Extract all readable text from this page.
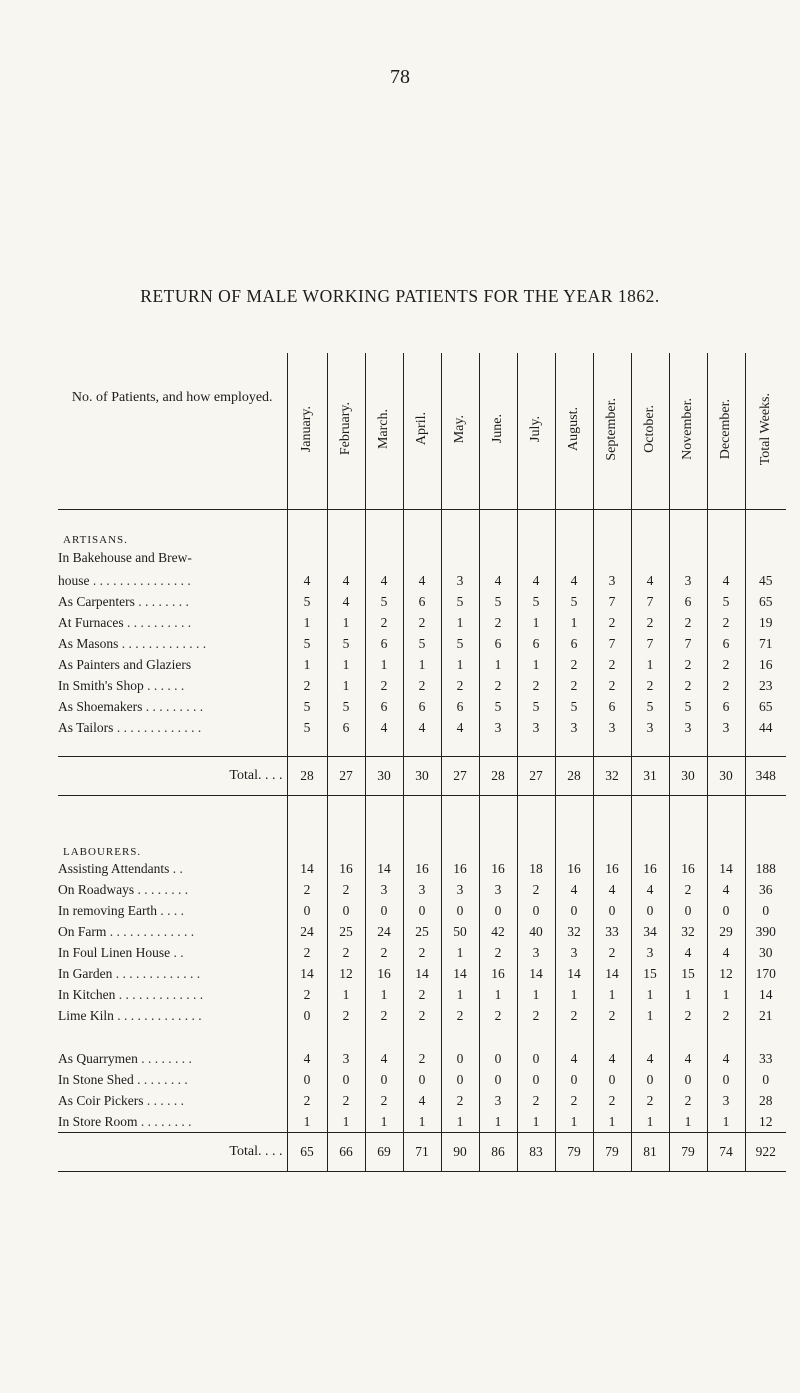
78
RETURN OF MALE WORKING PATIENTS FOR THE YEAR 1862.
No. of Patients, and how employed.	January.	February.	March.	April.	May.	June.	July.	August.	September.	October.	November.	December.	Total Weeks.
ARTISANS.													
In Bakehouse and Brew-													
house . . . . . . . . . . . . . . .	4	4	4	4	3	4	4	4	3	4	3	4	45
As Carpenters . . . . . . . .	5	4	5	6	5	5	5	5	7	7	6	5	65
At Furnaces . . . . . . . . . .	1	1	2	2	1	2	1	1	2	2	2	2	19
As Masons . . . . . . . . . . . . .	5	5	6	5	5	6	6	6	7	7	7	6	71
As Painters and Glaziers	1	1	1	1	1	1	1	2	2	1	2	2	16
In Smith's Shop . . . . . .	2	1	2	2	2	2	2	2	2	2	2	2	23
As Shoemakers . . . . . . . . .	5	5	6	6	6	5	5	5	6	5	5	6	65
As Tailors . . . . . . . . . . . . .	5	6	4	4	4	3	3	3	3	3	3	3	44

Total. . . .	28	27	30	30	27	28	27	28	32	31	30	30	348
LABOURERS.													
Assisting Attendants . .	14	16	14	16	16	16	18	16	16	16	16	14	188
On Roadways . . . . . . . .	2	2	3	3	3	3	2	4	4	4	2	4	36
In removing Earth . . . .	0	0	0	0	0	0	0	0	0	0	0	0	0
On Farm . . . . . . . . . . . . .	24	25	24	25	50	42	40	32	33	34	32	29	390
In Foul Linen House . .	2	2	2	2	1	2	3	3	2	3	4	4	30
In Garden . . . . . . . . . . . . .	14	12	16	14	14	16	14	14	14	15	15	12	170
In Kitchen . . . . . . . . . . . . .	2	1	1	2	1	1	1	1	1	1	1	1	14
Lime Kiln . . . . . . . . . . . . .	0	2	2	2	2	2	2	2	2	1	2	2	21

As Quarrymen . . . . . . . .	4	3	4	2	0	0	0	4	4	4	4	4	33
In Stone Shed . . . . . . . .	0	0	0	0	0	0	0	0	0	0	0	0	0
As Coir Pickers . . . . . .	2	2	2	4	2	3	2	2	2	2	2	3	28
In Store Room . . . . . . . .	1	1	1	1	1	1	1	1	1	1	1	1	12
Total. . . .	65	66	69	71	90	86	83	79	79	81	79	74	922
